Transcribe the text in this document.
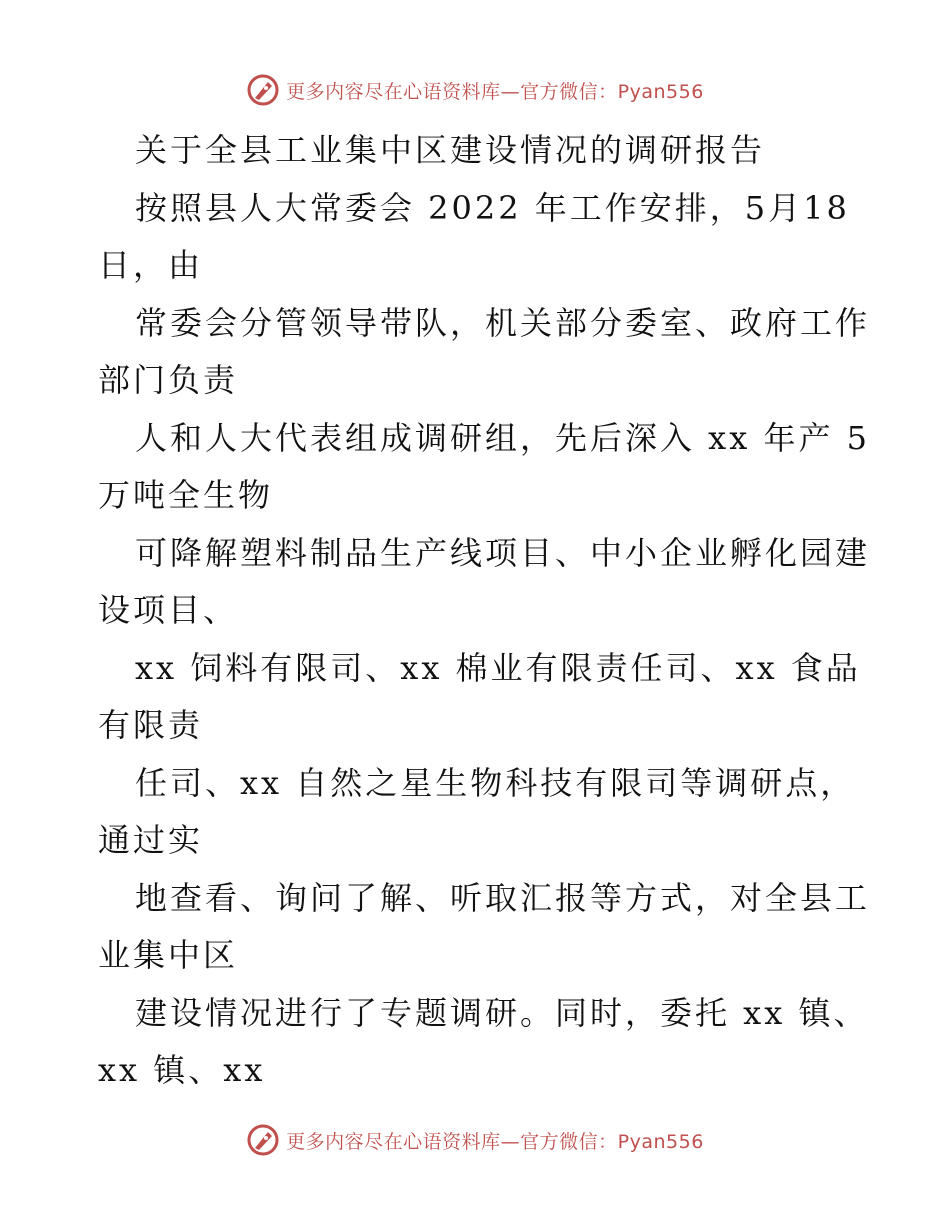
更多内容尽在心语资料库—官方微信：Pyan556
关于全县工业集中区建设情况的调研报告
按照县人大常委会 2022 年工作安排，5月18
日，由
常委会分管领导带队，机关部分委室、政府工作
部门负责
人和人大代表组成调研组，先后深入 xx 年产 5
万吨全生物
可降解塑料制品生产线项目、中小企业孵化园建
设项目、
xx 饲料有限司、xx 棉业有限责任司、xx 食品
有限责
任司、xx 自然之星生物科技有限司等调研点，
通过实
地查看、询问了解、听取汇报等方式，对全县工
业集中区
建设情况进行了专题调研。同时，委托 xx 镇、
xx 镇、xx
更多内容尽在心语资料库—官方微信：Pyan556
